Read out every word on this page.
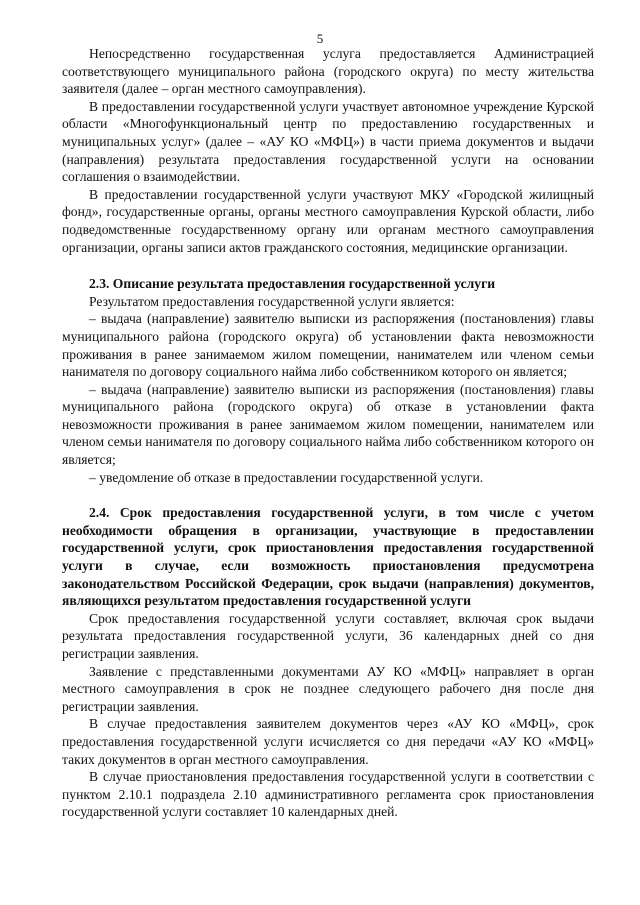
5

Непосредственно государственная услуга предоставляется Администрацией соответствующего муниципального района (городского округа) по месту жительства заявителя (далее – орган местного самоуправления).

В предоставлении государственной услуги участвует автономное учреждение Курской области «Многофункциональный центр по предоставлению государственных и муниципальных услуг» (далее – «АУ КО «МФЦ») в части приема документов и выдачи (направления) результата предоставления государственной услуги на основании соглашения о взаимодействии.

В предоставлении государственной услуги участвуют МКУ «Городской жилищный фонд», государственные органы, органы местного самоуправления Курской области, либо подведомственные государственному органу или органам местного самоуправления организации, органы записи актов гражданского состояния, медицинские организации.

2.3. Описание результата предоставления государственной услуги

Результатом предоставления государственной услуги является:

– выдача (направление) заявителю выписки из распоряжения (постановления) главы муниципального района (городского округа) об установлении факта невозможности проживания в ранее занимаемом жилом помещении, нанимателем или членом семьи нанимателя по договору социального найма либо собственником которого он является;

– выдача (направление) заявителю выписки из распоряжения (постановления) главы муниципального района (городского округа) об отказе в установлении факта невозможности проживания в ранее занимаемом жилом помещении, нанимателем или членом семьи нанимателя по договору социального найма либо собственником которого он является;

– уведомление об отказе в предоставлении государственной услуги.

2.4. Срок предоставления государственной услуги, в том числе с учетом необходимости обращения в организации, участвующие в предоставлении государственной услуги, срок приостановления предоставления государственной услуги в случае, если возможность приостановления предусмотрена законодательством Российской Федерации, срок выдачи (направления) документов, являющихся результатом предоставления государственной услуги

Срок предоставления государственной услуги составляет, включая срок выдачи результата предоставления государственной услуги, 36 календарных дней со дня регистрации заявления.

Заявление с представленными документами АУ КО «МФЦ» направляет в орган местного самоуправления в срок не позднее следующего рабочего дня после дня регистрации заявления.

В случае предоставления заявителем документов через «АУ КО «МФЦ», срок предоставления государственной услуги исчисляется со дня передачи «АУ КО «МФЦ» таких документов в орган местного самоуправления.

В случае приостановления предоставления государственной услуги в соответствии с пунктом 2.10.1 подраздела 2.10 административного регламента срок приостановления государственной услуги составляет 10 календарных дней.
